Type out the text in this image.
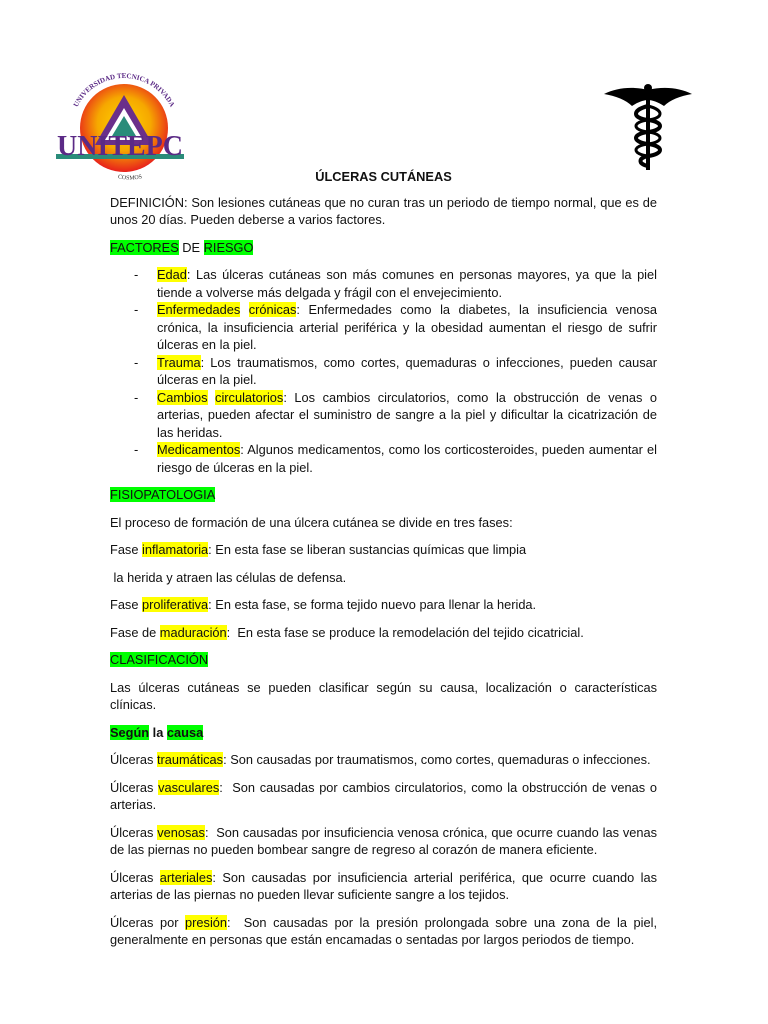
UNIVERSIDAD TECNICA PRIVADA
UNITEPC
COSMOS	ÚLCERAS CUTÁNEAS

DEFINICIÓN: Son lesiones cutáneas que no curan tras un periodo de tiempo normal, que es de unos 20 días. Pueden deberse a varios factores.

FACTORES DE RIESGO

- Edad: Las úlceras cutáneas son más comunes en personas mayores, ya que la piel tiende a volverse más delgada y frágil con el envejecimiento.
- Enfermedades crónicas: Enfermedades como la diabetes, la insuficiencia venosa crónica, la insuficiencia arterial periférica y la obesidad aumentan el riesgo de sufrir úlceras en la piel.
- Trauma: Los traumatismos, como cortes, quemaduras o infecciones, pueden causar úlceras en la piel.
- Cambios circulatorios: Los cambios circulatorios, como la obstrucción de venas o arterias, pueden afectar el suministro de sangre a la piel y dificultar la cicatrización de las heridas.
- Medicamentos: Algunos medicamentos, como los corticosteroides, pueden aumentar el riesgo de úlceras en la piel.

FISIOPATOLOGIA

El proceso de formación de una úlcera cutánea se divide en tres fases:

Fase inflamatoria: En esta fase se liberan sustancias químicas que limpia

la herida y atraen las células de defensa.

Fase proliferativa: En esta fase, se forma tejido nuevo para llenar la herida.

Fase de maduración:  En esta fase se produce la remodelación del tejido cicatricial.

CLASIFICACIÓN

Las úlceras cutáneas se pueden clasificar según su causa, localización o características clínicas.

Según la causa

Úlceras traumáticas: Son causadas por traumatismos, como cortes, quemaduras o infecciones.

Úlceras vasculares:  Son causadas por cambios circulatorios, como la obstrucción de venas o arterias.

Úlceras venosas:  Son causadas por insuficiencia venosa crónica, que ocurre cuando las venas de las piernas no pueden bombear sangre de regreso al corazón de manera eficiente.

Úlceras arteriales: Son causadas por insuficiencia arterial periférica, que ocurre cuando las arterias de las piernas no pueden llevar suficiente sangre a los tejidos.

Úlceras por presión:  Son causadas por la presión prolongada sobre una zona de la piel, generalmente en personas que están encamadas o sentadas por largos periodos de tiempo.
